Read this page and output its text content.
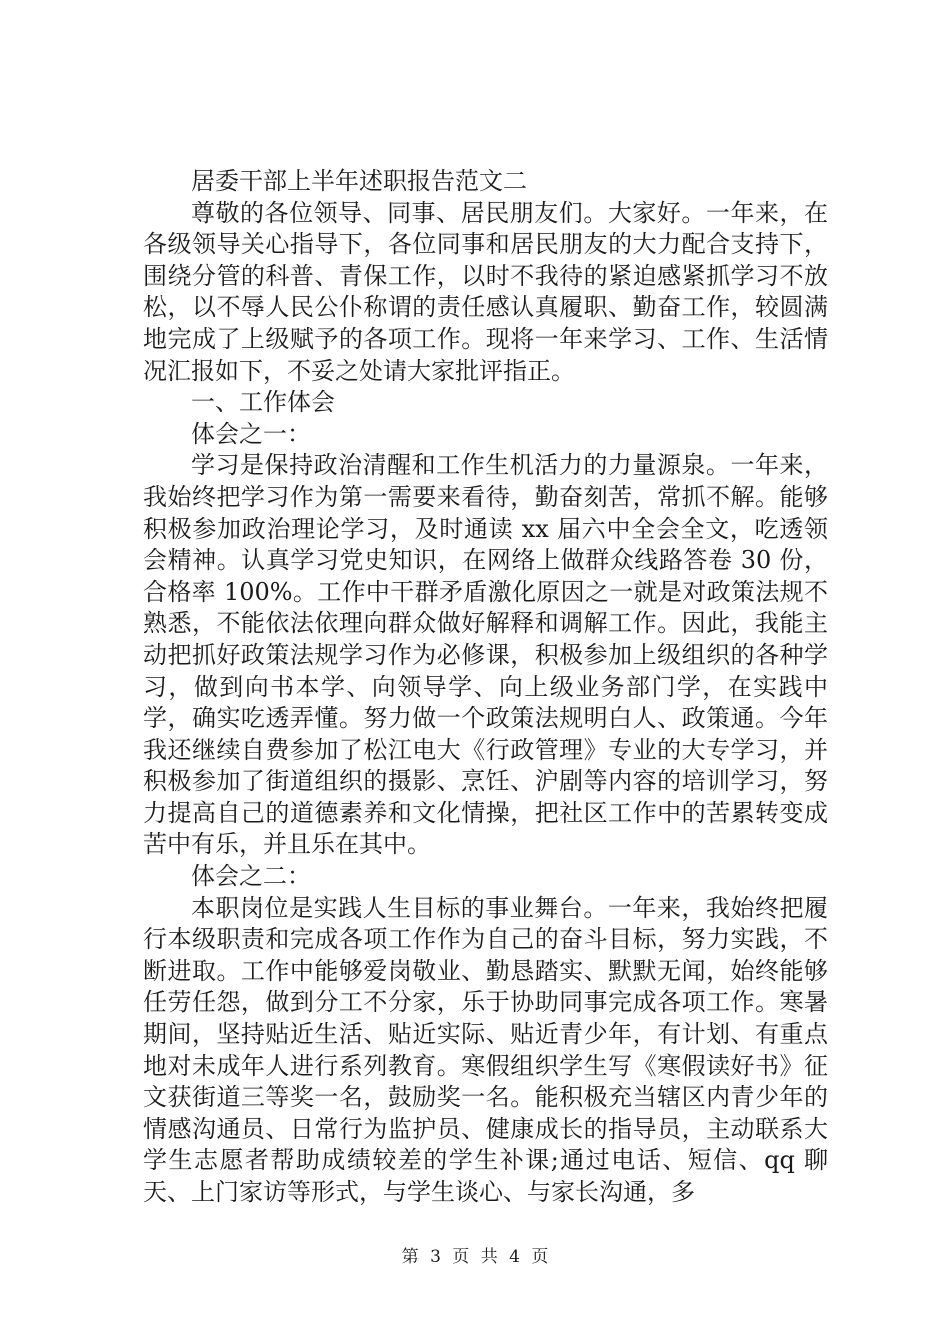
居委干部上半年述职报告范文二

尊敬的各位领导、同事、居民朋友们。大家好。一年来，在各级领导关心指导下，各位同事和居民朋友的大力配合支持下，围绕分管的科普、青保工作，以时不我待的紧迫感紧抓学习不放松，以不辱人民公仆称谓的责任感认真履职、勤奋工作，较圆满地完成了上级赋予的各项工作。现将一年来学习、工作、生活情况汇报如下，不妥之处请大家批评指正。

一、工作体会

体会之一：

学习是保持政治清醒和工作生机活力的力量源泉。一年来，我始终把学习作为第一需要来看待，勤奋刻苦，常抓不解。能够积极参加政治理论学习，及时通读 xx 届六中全会全文，吃透领会精神。认真学习党史知识，在网络上做群众线路答卷 30 份，合格率 100%。工作中干群矛盾激化原因之一就是对政策法规不熟悉，不能依法依理向群众做好解释和调解工作。因此，我能主动把抓好政策法规学习作为必修课，积极参加上级组织的各种学习，做到向书本学、向领导学、向上级业务部门学，在实践中学，确实吃透弄懂。努力做一个政策法规明白人、政策通。今年我还继续自费参加了松江电大《行政管理》专业的大专学习，并积极参加了街道组织的摄影、烹饪、沪剧等内容的培训学习，努力提高自己的道德素养和文化情操，把社区工作中的苦累转变成苦中有乐，并且乐在其中。

体会之二：

本职岗位是实践人生目标的事业舞台。一年来，我始终把履行本级职责和完成各项工作作为自己的奋斗目标，努力实践，不断进取。工作中能够爱岗敬业、勤恳踏实、默默无闻，始终能够任劳任怨，做到分工不分家，乐于协助同事完成各项工作。寒暑期间，坚持贴近生活、贴近实际、贴近青少年，有计划、有重点地对未成年人进行系列教育。寒假组织学生写《寒假读好书》征文获街道三等奖一名，鼓励奖一名。能积极充当辖区内青少年的情感沟通员、日常行为监护员、健康成长的指导员，主动联系大学生志愿者帮助成绩较差的学生补课;通过电话、短信、qq 聊天、上门家访等形式，与学生谈心、与家长沟通，多

第 3 页 共 4 页
